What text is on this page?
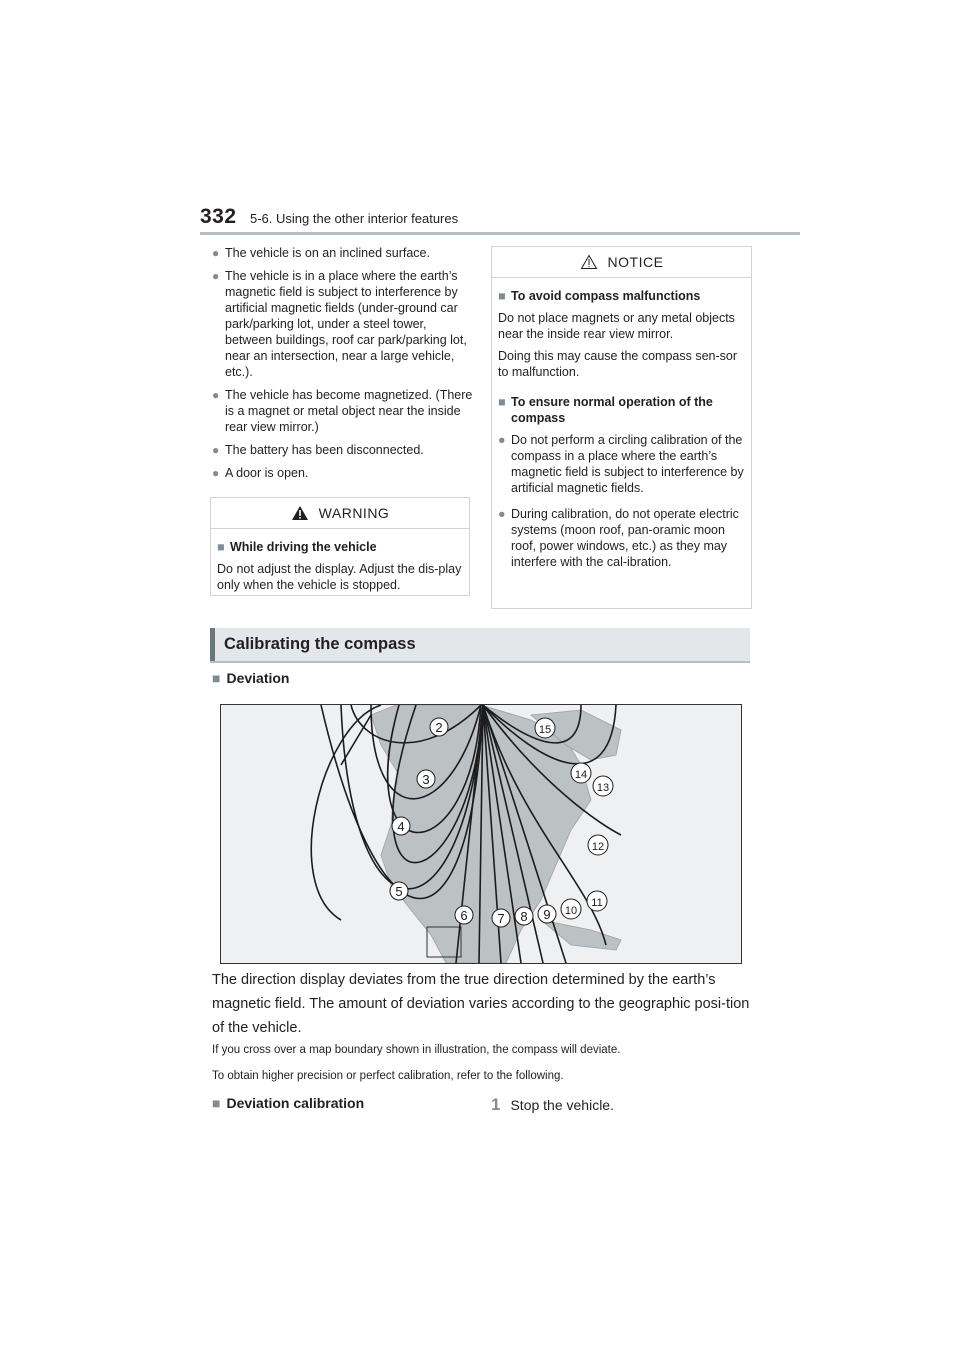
332 5-6. Using the other interior features
● The vehicle is on an inclined surface.
● The vehicle is in a place where the earth’s magnetic field is subject to interference by artificial magnetic fields (under-ground car park/parking lot, under a steel tower, between buildings, roof car park/parking lot, near an intersection, near a large vehicle, etc.).
● The vehicle has become magnetized. (There is a magnet or metal object near the inside rear view mirror.)
● The battery has been disconnected.
● A door is open.
WARNING
■ While driving the vehicle
Do not adjust the display. Adjust the dis-play only when the vehicle is stopped.
NOTICE
■ To avoid compass malfunctions
Do not place magnets or any metal objects near the inside rear view mirror.
Doing this may cause the compass sen-sor to malfunction.
■ To ensure normal operation of the compass
● Do not perform a circling calibration of the compass in a place where the earth’s magnetic field is subject to interference by artificial magnetic fields.
● During calibration, do not operate electric systems (moon roof, pan-oramic moon roof, power windows, etc.) as they may interfere with the cal-ibration.
Calibrating the compass
■ Deviation
2
3
4
5
6 7 8 9 10
11
12
13
14
15
The direction display deviates from the true direction determined by the earth’s magnetic field. The amount of deviation varies according to the geographic posi-tion of the vehicle.
If you cross over a map boundary shown in illustration, the compass will deviate.
To obtain higher precision or perfect calibration, refer to the following.
■ Deviation calibration	1 Stop the vehicle.
